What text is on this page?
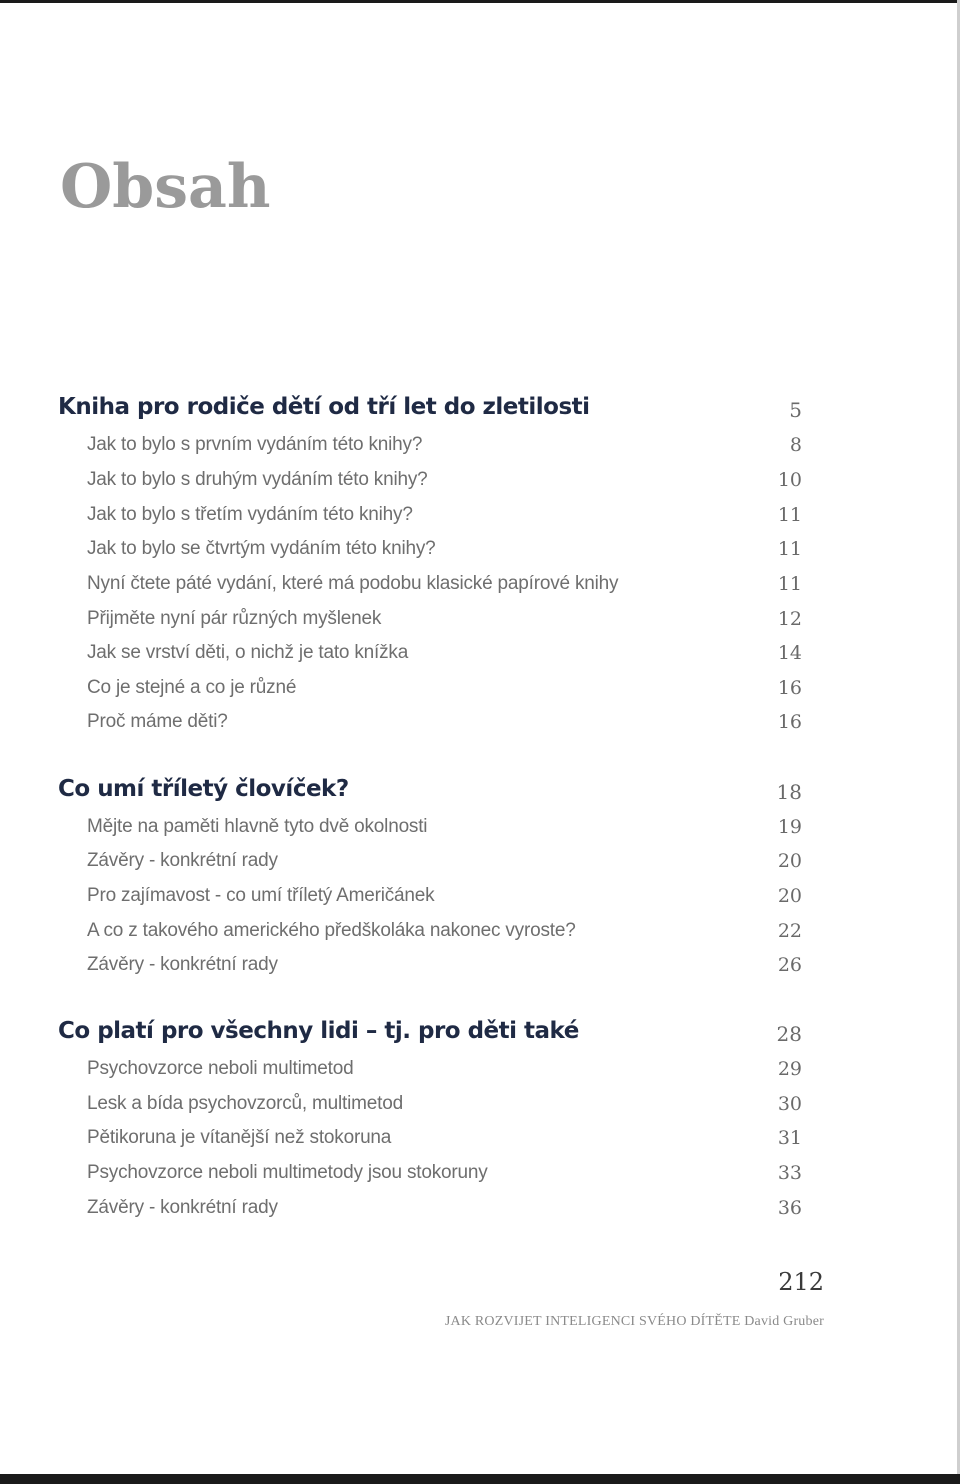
Obsah
Kniha pro rodiče dětí od tří let do zletilosti	5
Jak to bylo s prvním vydáním této knihy?	8
Jak to bylo s druhým vydáním této knihy?	10
Jak to bylo s třetím vydáním této knihy?	11
Jak to bylo se čtvrtým vydáním této knihy?	11
Nyní čtete páté vydání, které má podobu klasické papírové knihy	11
Přijměte nyní pár různých myšlenek	12
Jak se vrství děti, o nichž je tato knížka	14
Co je stejné a co je různé	16
Proč máme děti?	16
Co umí tříletý človíček?	18
Mějte na paměti hlavně tyto dvě okolnosti	19
Závěry - konkrétní rady	20
Pro zajímavost - co umí tříletý Američánek	20
A co z takového amerického předškoláka nakonec vyroste?	22
Závěry - konkrétní rady	26
Co platí pro všechny lidi – tj. pro děti také	28
Psychovzorce neboli multimetod	29
Lesk a bída psychovzorců, multimetod	30
Pětikoruna je vítanější než stokoruna	31
Psychovzorce neboli multimetody jsou stokoruny	33
Závěry - konkrétní rady	36
212
JAK ROZVIJET INTELIGENCI SVÉHO DÍTĚTE David Gruber
